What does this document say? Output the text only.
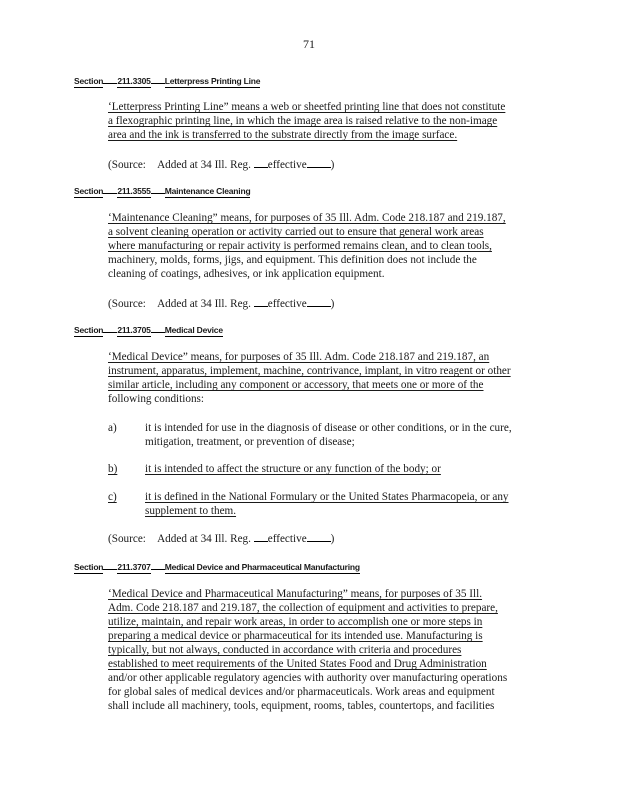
71
Section 211.3305 Letterpress Printing Line
‘Letterpress Printing Line” means a web or sheetfed printing line that does not constitute
a flexographic printing line, in which the image area is raised relative to the non-image
area and the ink is transferred to the substrate directly from the image surface.
(Source: Added at 34 Ill. Reg. effective )
Section 211.3555 Maintenance Cleaning
‘Maintenance Cleaning” means, for purposes of 35 Ill. Adm. Code 218.187 and 219.187,
a solvent cleaning operation or activity carried out to ensure that general work areas
where manufacturing or repair activity is performed remains clean, and to clean tools,
machinery, molds, forms, jigs, and equipment. This definition does not include the
cleaning of coatings, adhesives, or ink application equipment.
(Source: Added at 34 Ill. Reg. effective )
Section 211.3705 Medical Device
‘Medical Device” means, for purposes of 35 Ill. Adm. Code 218.187 and 219.187, an
instrument, apparatus, implement, machine, contrivance, implant, in vitro reagent or other
similar article, including any component or accessory, that meets one or more of the
following conditions:
a)	it is intended for use in the diagnosis of disease or other conditions, or in the cure,
mitigation, treatment, or prevention of disease;
b) it is intended to affect the structure or any function of the body; or
c)	it is defined in the National Formulary or the United States Pharmacopeia, or any
supplement to them.
(Source: Added at 34 Ill. Reg. effective )
Section 211.3707 Medical Device and Pharmaceutical Manufacturing
‘Medical Device and Pharmaceutical Manufacturing” means, for purposes of 35 Ill.
Adm. Code 218.187 and 219.187, the collection of equipment and activities to prepare,
utilize, maintain, and repair work areas, in order to accomplish one or more steps in
preparing a medical device or pharmaceutical for its intended use. Manufacturing is
typically, but not always, conducted in accordance with criteria and procedures
established to meet requirements of the United States Food and Drug Administration
and/or other applicable regulatory agencies with authority over manufacturing operations
for global sales of medical devices and/or pharmaceuticals. Work areas and equipment
shall include all machinery, tools, equipment, rooms, tables, countertops, and facilities
